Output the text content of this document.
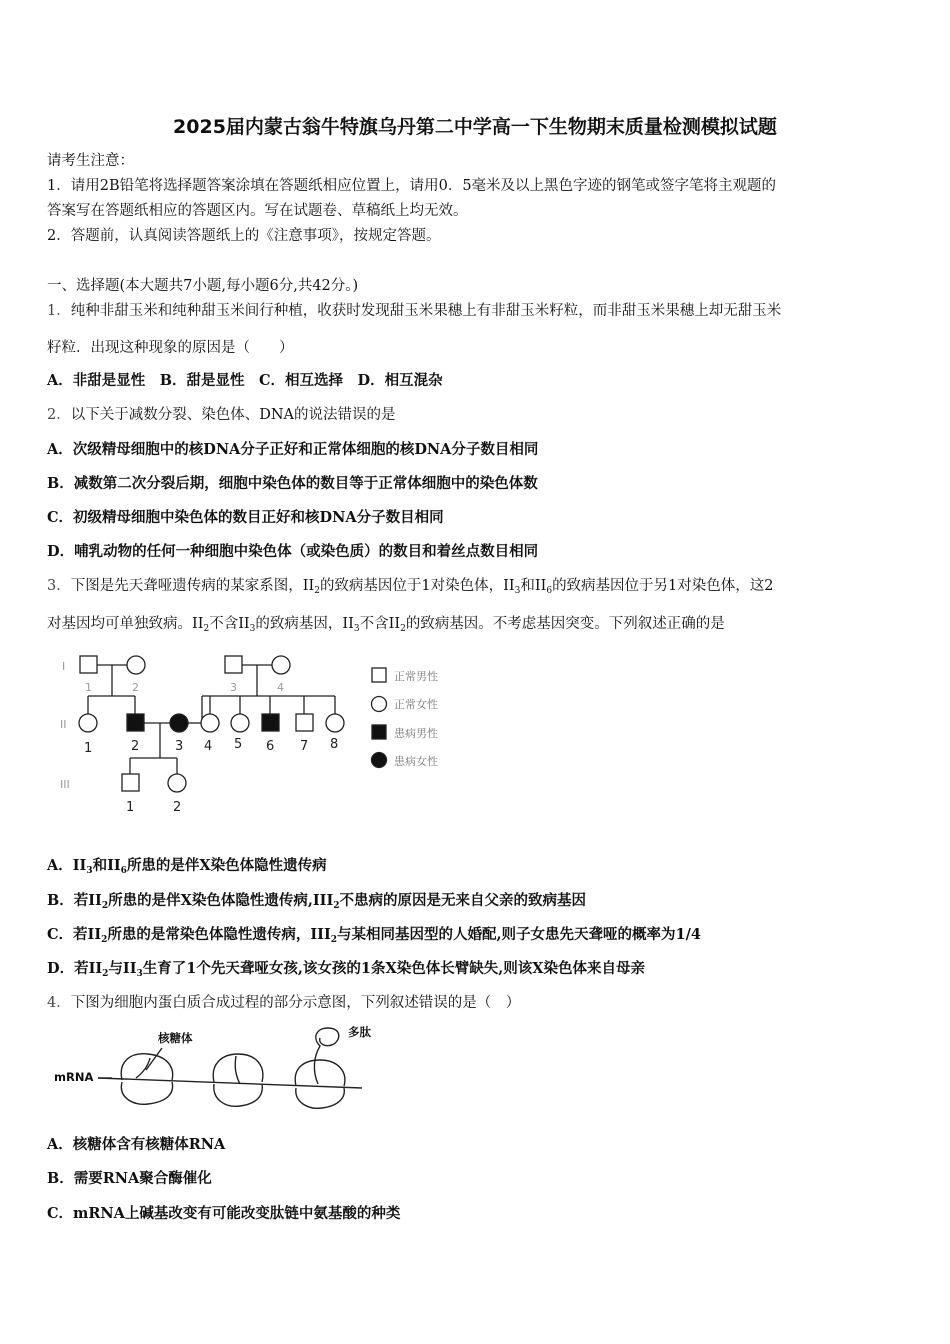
2025届内蒙古翁牛特旗乌丹第二中学高一下生物期末质量检测模拟试题
请考生注意：
1．请用2B铅笔将选择题答案涂填在答题纸相应位置上，请用0．5毫米及以上黑色字迹的钢笔或签字笔将主观题的
答案写在答题纸相应的答题区内。写在试题卷、草稿纸上均无效。
2．答题前，认真阅读答题纸上的《注意事项》，按规定答题。
一、选择题(本大题共7小题,每小题6分,共42分。)
1．纯种非甜玉米和纯种甜玉米间行种植，收获时发现甜玉米果穗上有非甜玉米籽粒，而非甜玉米果穗上却无甜玉米
籽粒．出现这种现象的原因是（　　）
A．非甜是显性　B．甜是显性　C．相互选择　D．相互混杂
2．以下关于减数分裂、染色体、DNA的说法错误的是
A．次级精母细胞中的核DNA分子正好和正常体细胞的核DNA分子数目相同
B．减数第二次分裂后期，细胞中染色体的数目等于正常体细胞中的染色体数
C．初级精母细胞中染色体的数目正好和核DNA分子数目相同
D．哺乳动物的任何一种细胞中染色体（或染色质）的数目和着丝点数目相同
3．下图是先天聋哑遗传病的某家系图，$II_2$的致病基因位于1对染色体，$II_3$和$II_6$的致病基因位于另1对染色体，这2
对基因均可单独致病。$II_2$不含$II_3$的致病基因，$II_3$不含$II_2$的致病基因。不考虑基因突变。下列叙述正确的是
I
II
III
1	2	3	4
1	2	3 4 5 6 7 8
1	2
正常男性
正常女性
患病男性
患病女性
A．$II_3$和$II_6$所患的是伴X染色体隐性遗传病
B．若$II_2$所患的是伴X染色体隐性遗传病$,III_2$不患病的原因是无来自父亲的致病基因
C．若$II_2$所患的是常染色体隐性遗传病，$III_2$与某相同基因型的人婚配,则子女患先天聋哑的概率为1/4
D．若$II_2$与$II_3$生育了1个先天聋哑女孩,该女孩的1条X染色体长臂缺失,则该X染色体来自母亲
4．下图为细胞内蛋白质合成过程的部分示意图，下列叙述错误的是（　）
核糖体	多肽
mRNA
A．核糖体含有核糖体RNA
B．需要RNA聚合酶催化
C．mRNA上碱基改变有可能改变肽链中氨基酸的种类
